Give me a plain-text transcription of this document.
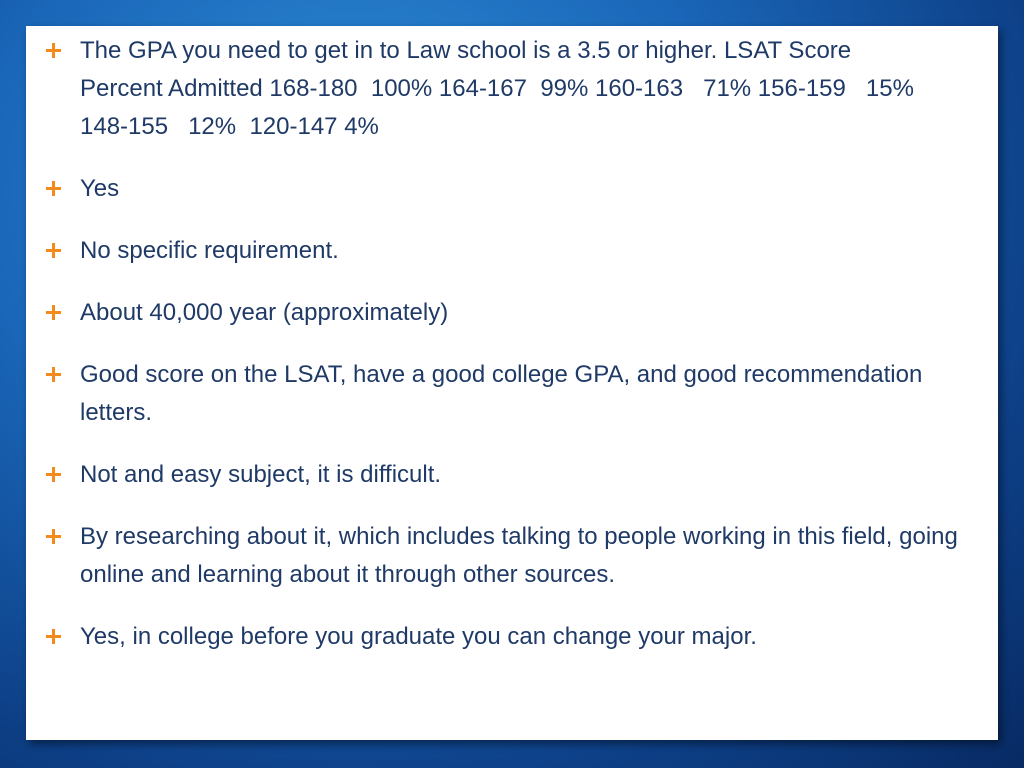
The GPA you need to get in to Law school is a 3.5 or higher. LSAT Score        Percent Admitted 168-180  100% 164-167  99% 160-163   71% 156-159   15% 148-155   12%  120-147 4%
Yes
No specific requirement.
About 40,000 year (approximately)
Good score on the LSAT, have a good college GPA, and good recommendation letters.
Not and easy subject, it is difficult.
By researching about it, which includes talking to people working in this field, going online and learning about it through other sources.
Yes, in college before you graduate you can change your major.
